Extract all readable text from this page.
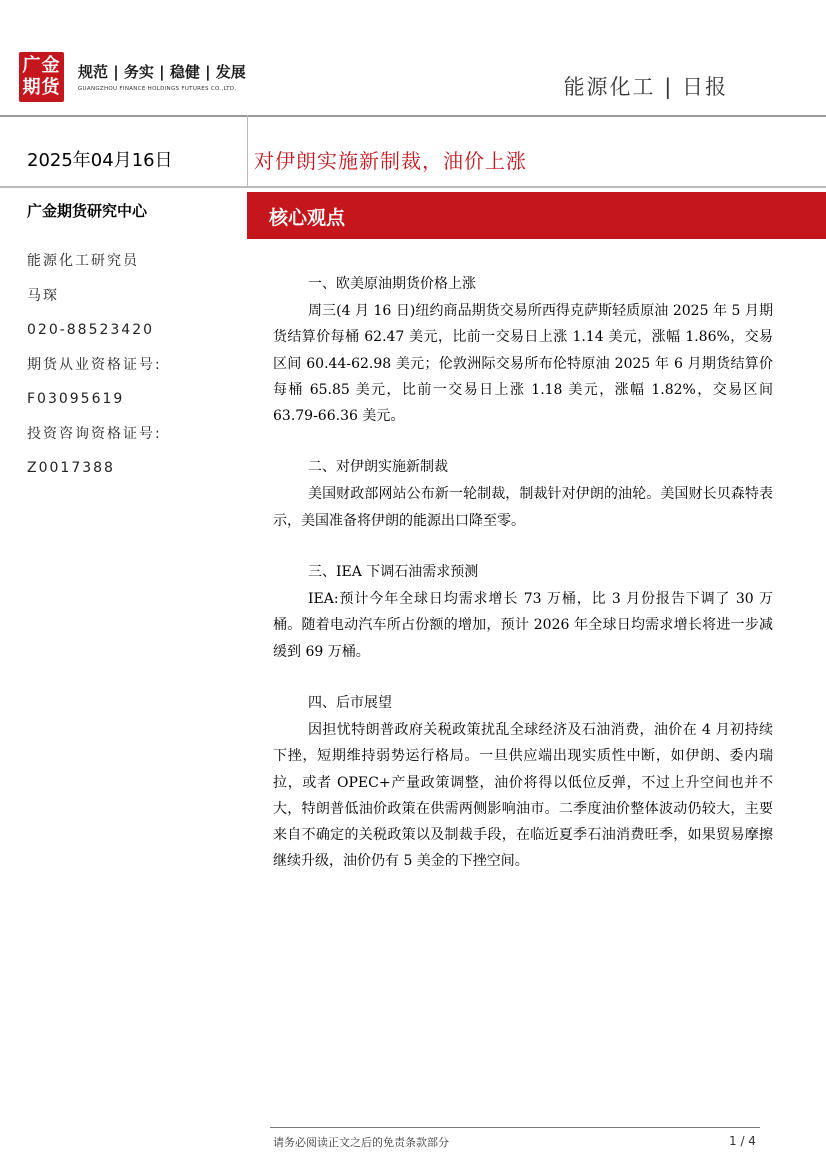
广金
期货
规范 | 务实 | 稳健 | 发展
GUANGZHOU FINANCE HOLDINGS FUTURES CO.,LTD.	能源化工 | 日报
2025年04月16日	对伊朗实施新制裁，油价上涨
广金期货研究中心
能源化工研究员
马琛
020-88523420
期货从业资格证号:
F03095619
投资咨询资格证号:
Z0017388
核心观点
一、欧美原油期货价格上涨

周三(4 月 16 日)纽约商品期货交易所西得克萨斯轻质原油 2025 年 5 月期货结算价每桶 62.47 美元，比前一交易日上涨 1.14 美元，涨幅 1.86%，交易区间 60.44-62.98 美元；伦敦洲际交易所布伦特原油 2025 年 6 月期货结算价每桶 65.85 美元，比前一交易日上涨 1.18 美元，涨幅 1.82%，交易区间 63.79-66.36 美元。

二、对伊朗实施新制裁

美国财政部网站公布新一轮制裁，制裁针对伊朗的油轮。美国财长贝森特表示，美国准备将伊朗的能源出口降至零。

三、IEA 下调石油需求预测

IEA:预计今年全球日均需求增长 73 万桶，比 3 月份报告下调了 30 万桶。随着电动汽车所占份额的增加，预计 2026 年全球日均需求增长将进一步减缓到 69 万桶。

四、后市展望

因担忧特朗普政府关税政策扰乱全球经济及石油消费，油价在 4 月初持续下挫，短期维持弱势运行格局。一旦供应端出现实质性中断，如伊朗、委内瑞拉，或者 OPEC+产量政策调整，油价将得以低位反弹，不过上升空间也并不大，特朗普低油价政策在供需两侧影响油市。二季度油价整体波动仍较大，主要来自不确定的关税政策以及制裁手段，在临近夏季石油消费旺季，如果贸易摩擦继续升级，油价仍有 5 美金的下挫空间。

请务必阅读正文之后的免责条款部分	1 / 4
